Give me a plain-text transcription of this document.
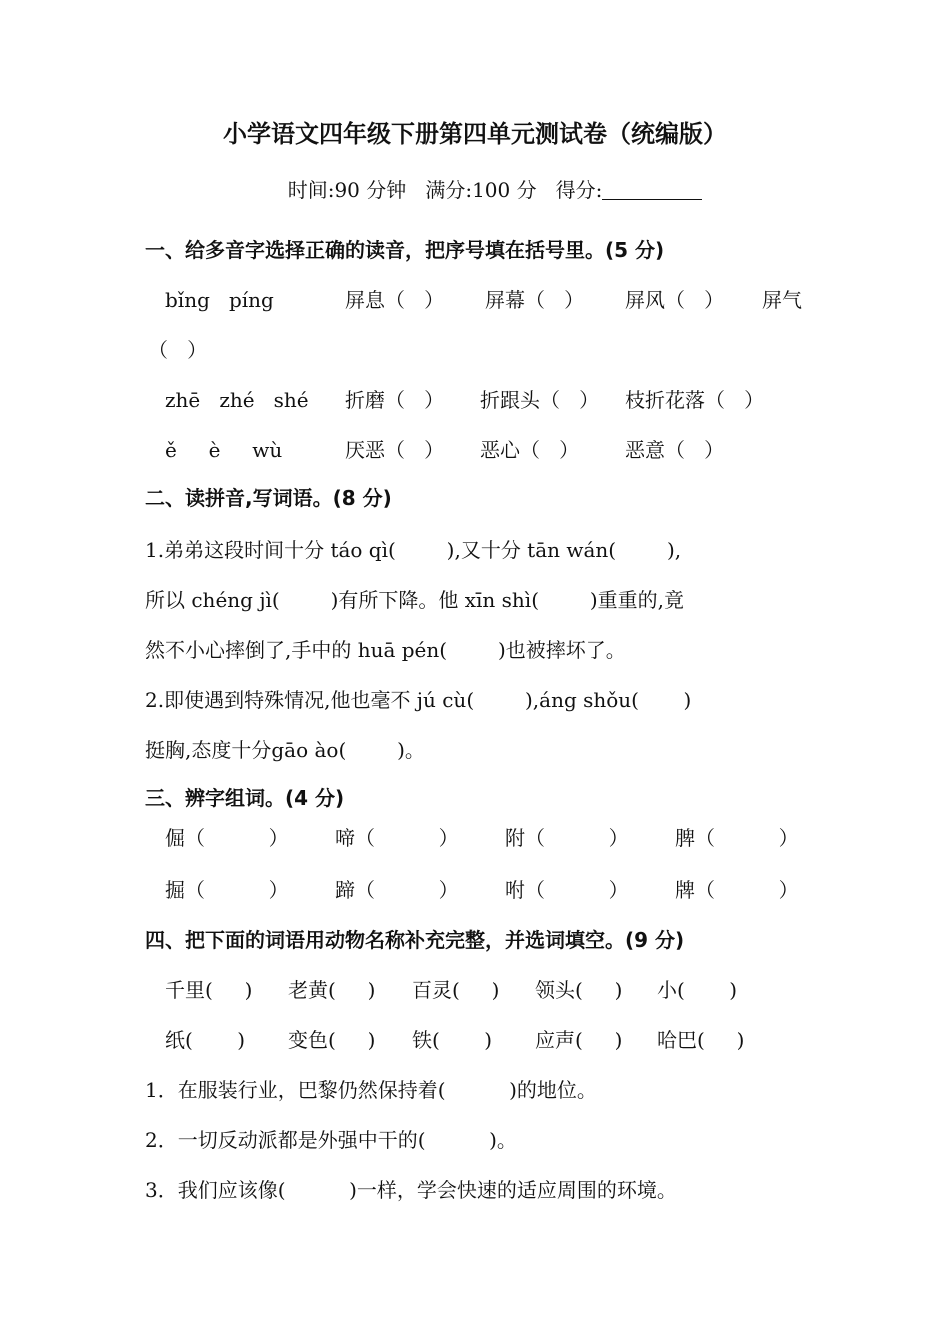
小学语文四年级下册第四单元测试卷（统编版）

时间:90 分钟   满分:100 分   得分:

一、给多音字选择正确的读音，把序号填在括号里。(5 分)
bǐng   píng	屏息（   ） 屏幕（   ） 屏风（   ） 屏气
（   ）
zhē   zhé   shé 折磨（   ） 折跟头（   ） 枝折花落（   ）
ě     è     wù	厌恶（   ） 恶心（   ） 恶意（   ）
二、读拼音,写词语。(8 分)
1.弟弟这段时间十分 táo qì(        ),又十分 tān wán(        ),
所以 chéng jì(        )有所下降。他 xīn shì(        )重重的,竟
然不小心摔倒了,手中的 huā pén(        )也被摔坏了。
2.即使遇到特殊情况,他也毫不 jú cù(        ),áng shǒu(       )
挺胸,态度十分gāo ào(        )。
三、辨字组词。(4 分)
倔（          ） 啼（          ） 附（          ） 脾（          ）
掘（          ） 蹄（          ） 咐（          ） 牌（          ）
四、把下面的词语用动物名称补充完整，并选词填空。(9 分)
千里(     ) 老黄(     ) 百灵(     ) 领头(     ) 小(       )
纸(       ) 变色(     ) 铁(       ) 应声(     ) 哈巴(     )
1．在服装行业，巴黎仍然保持着(          )的地位。
2．一切反动派都是外强中干的(          )。
3．我们应该像(          )一样，学会快速的适应周围的环境。
